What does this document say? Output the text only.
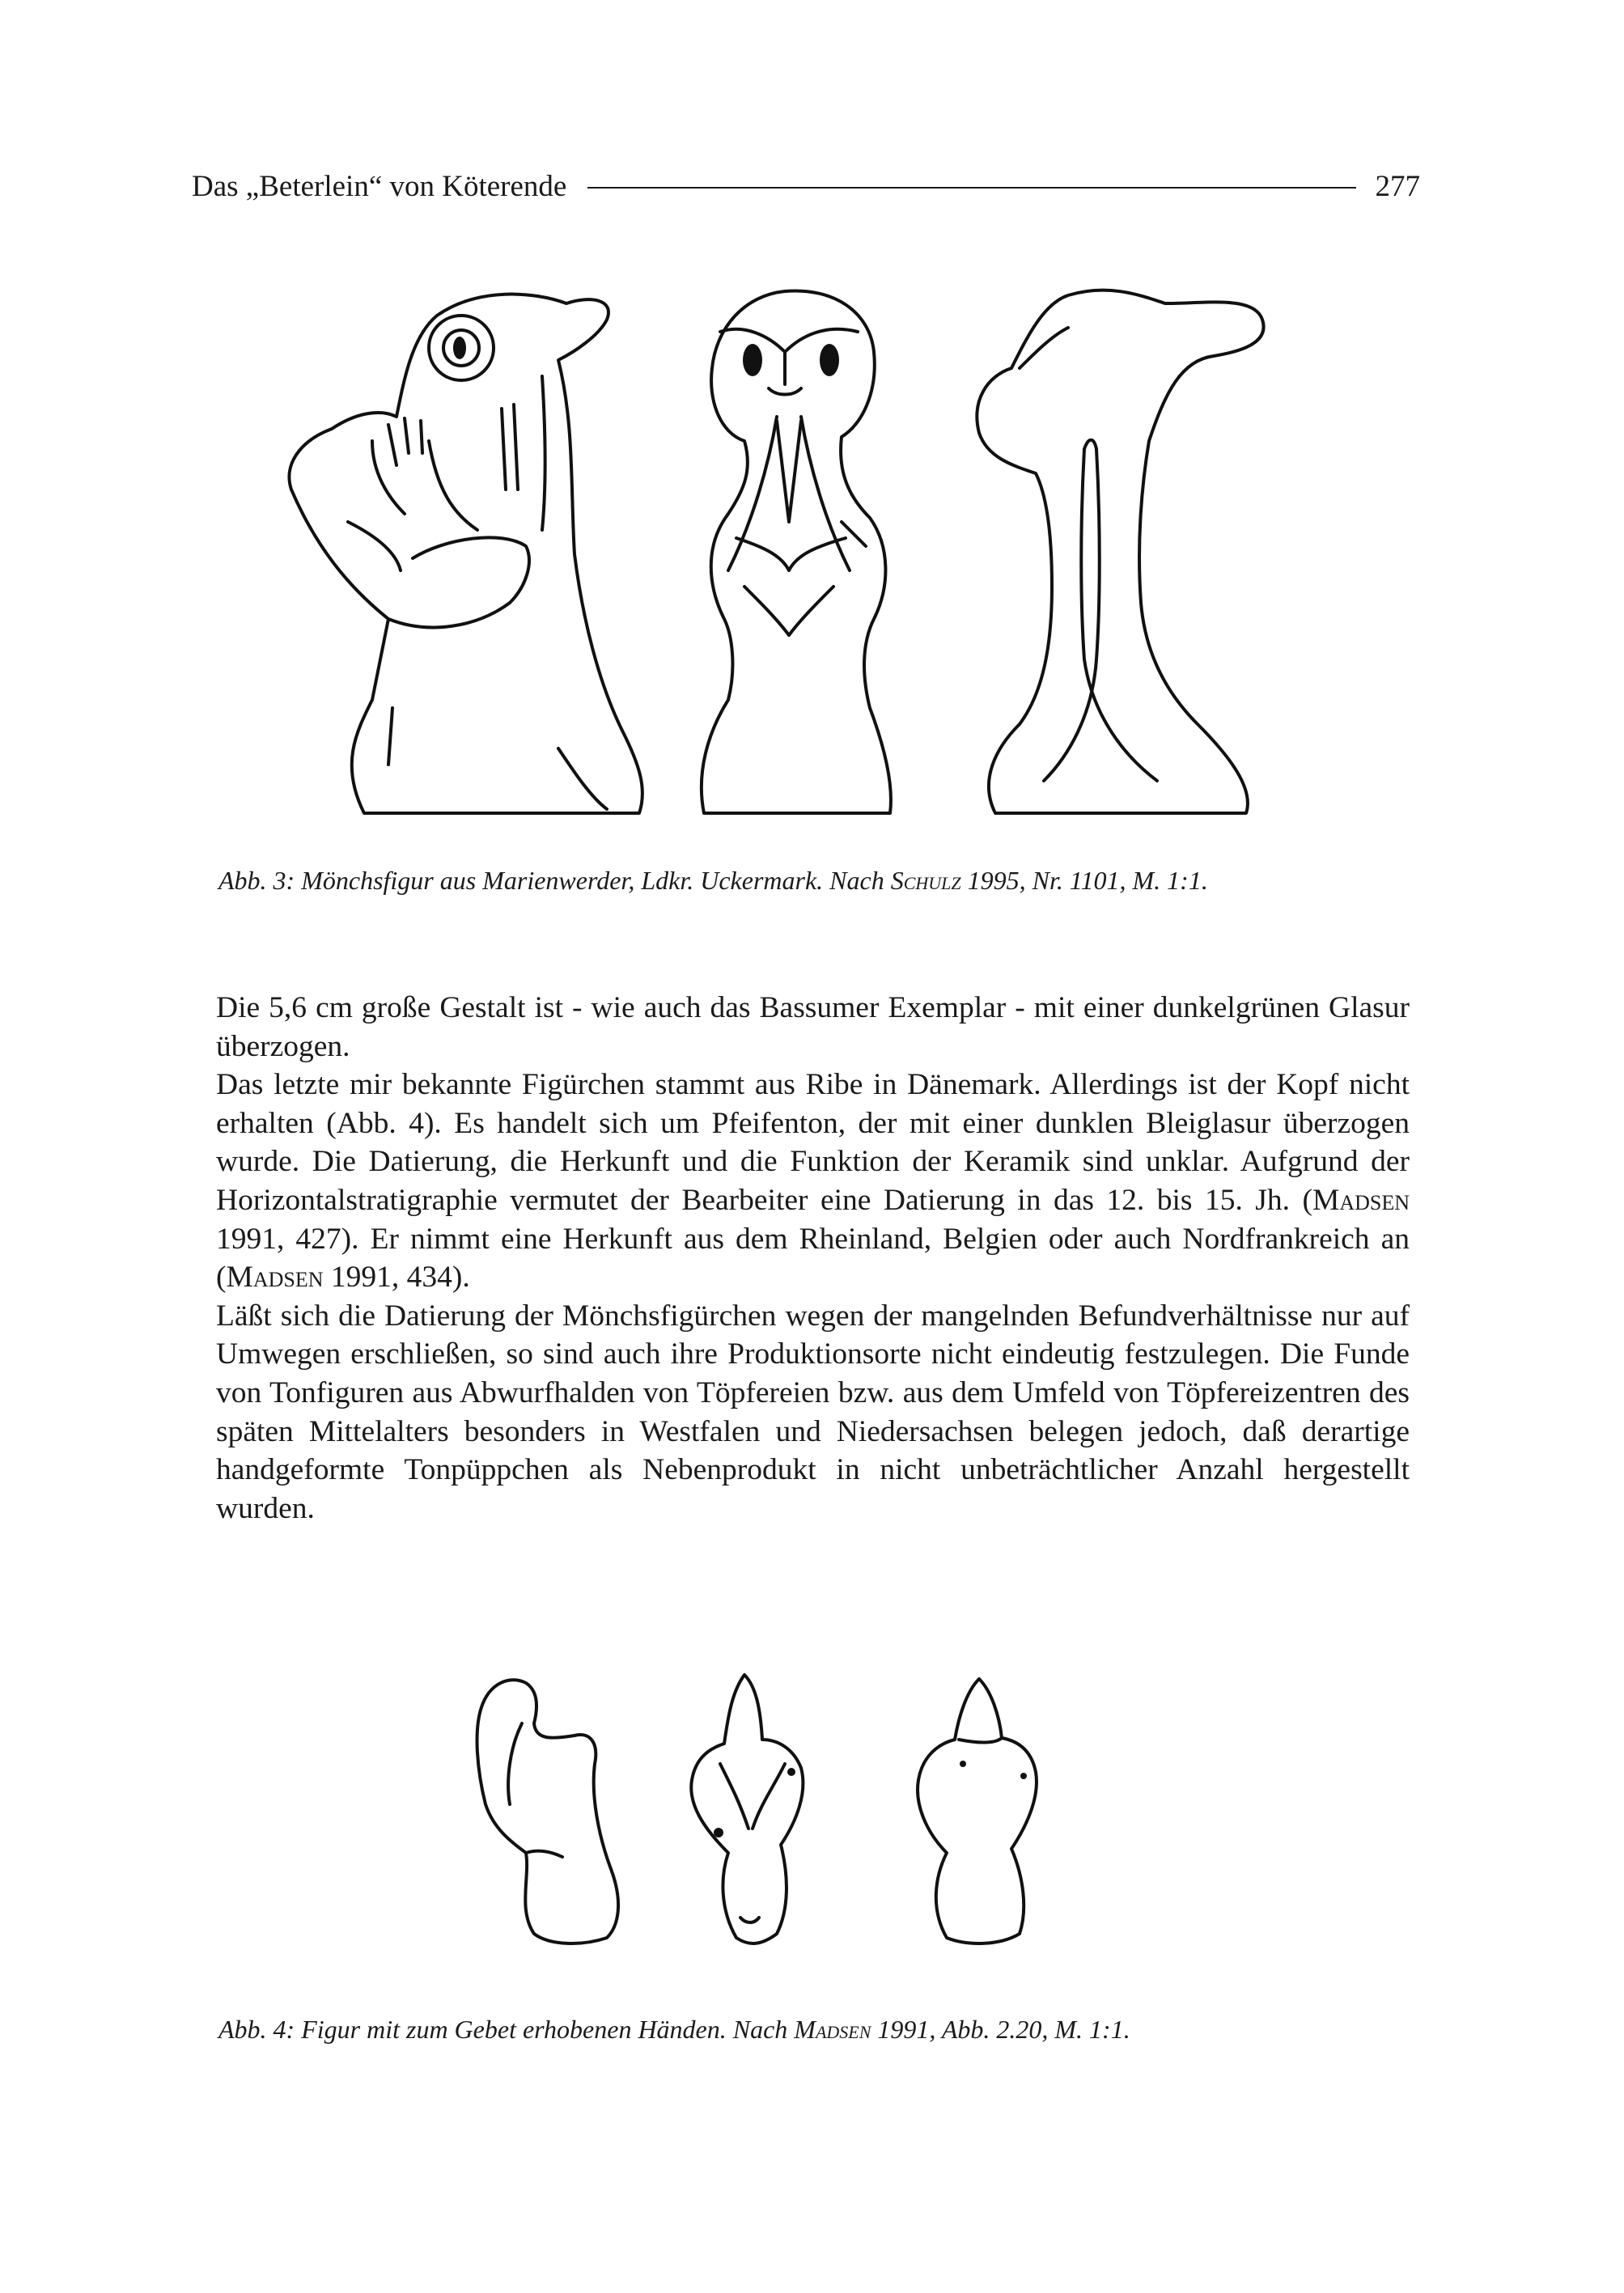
Das „Beterlein“ von Köterende	277
Abb. 3: Mönchsfigur aus Marienwerder, Ldkr. Uckermark. Nach Schulz 1995, Nr. 1101, M. 1:1.

Die 5,6 cm große Gestalt ist - wie auch das Bassumer Exemplar - mit einer dunkelgrünen Glasur überzogen.

Das letzte mir bekannte Figürchen stammt aus Ribe in Dänemark. Allerdings ist der Kopf nicht erhalten (Abb. 4). Es handelt sich um Pfeifenton, der mit einer dunklen Bleiglasur überzogen wurde. Die Datierung, die Herkunft und die Funktion der Keramik sind unklar. Aufgrund der Horizontalstratigraphie vermutet der Bearbeiter eine Datierung in das 12. bis 15. Jh. (Madsen 1991, 427). Er nimmt eine Herkunft aus dem Rheinland, Belgien oder auch Nordfrankreich an (Madsen 1991, 434).

Läßt sich die Datierung der Mönchsfigürchen wegen der mangelnden Befundverhältnisse nur auf Umwegen erschließen, so sind auch ihre Produktionsorte nicht eindeutig festzulegen. Die Funde von Tonfiguren aus Abwurfhalden von Töpfereien bzw. aus dem Umfeld von Töpfereizentren des späten Mittelalters besonders in Westfalen und Niedersachsen belegen jedoch, daß derartige handgeformte Tonpüppchen als Nebenprodukt in nicht unbeträchtlicher Anzahl hergestellt wurden.

Abb. 4: Figur mit zum Gebet erhobenen Händen. Nach Madsen 1991, Abb. 2.20, M. 1:1.
